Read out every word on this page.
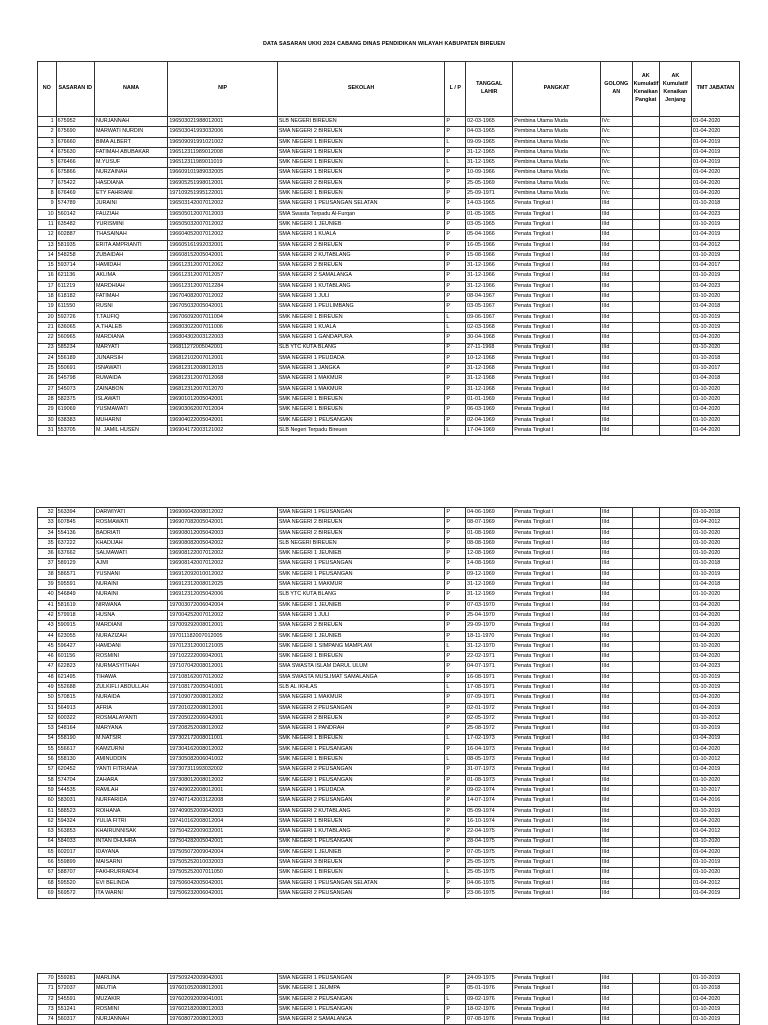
DATA SASARAN UKKI 2024 CABANG DINAS PENDIDIKAN WILAYAH KABUPATEN BIREUEN
NO	SASARAN ID	NAMA	NIP	SEKOLAH	L / P	TANGGAL LAHIR	PANGKAT	GOLONG AN	AK Kumulatif Kenaikan Pangkat	AK Kumulatif Kenaikan Jenjang	TMT JABATAN
1	675952	NURJANNAH	196503021988012001	SLB NEGERI BIREUEN	P	02-03-1965	Pembina Utama Muda	IVc			01-04-2020
2	675690	MARWATI NURDIN	196503041993032006	SMA NEGERI 2 BIREUEN	P	04-03-1965	Pembina Utama Muda	IVc			01-04-2020
3	676660	BIMA ALBERT	196509091991021002	SMK NEGERI 1 BIREUEN	L	09-09-1965	Pembina Utama Muda	IVc			01-04-2019
4	675630	FATIMAH ABUBAKAR	196512311989012008	SMA NEGERI 1 BIREUEN	P	31-12-1965	Pembina Utama Muda	IVc			01-04-2019
5	676466	M.YUSUF	196512311989011019	SMK NEGERI 1 BIREUEN	L	31-12-1965	Pembina Utama Muda	IVc			01-04-2019
6	675866	NURZAINAH	196609101989032005	SMA NEGERI 1 BIREUEN	P	10-09-1966	Pembina Utama Muda	IVc			01-04-2020
7	675422	HASDIANA	196905251998012001	SMA NEGERI 2 BIREUEN	P	25-05-1969	Pembina Utama Muda	IVc			01-04-2020
8	676469	ETY FAHRIANI	197109251995122001	SMK NEGERI 1 BIREUEN	P	25-09-1971	Pembina Utama Muda	IVc			01-04-2020
9	574789	JURAINI	196503142007012002	SMA NEGERI 1 PEUSANGAN SELATAN	P	14-03-1965	Penata Tingkat I	IIId			01-10-2018
10	560142	FAUZIAH	196505012007012003	SMA Swasta Terpadu Al-Furqan	P	01-05-1965	Penata Tingkat I	IIId			01-04-2023
11	635482	YURISMINI	196505032007012002	SMK NEGERI 1 JEUNIEB	P	03-05-1965	Penata Tingkat I	IIId			01-10-2019
12	602887	THASAINAH	196604052007012002	SMA NEGERI 1 KUALA	P	05-04-1966	Penata Tingkat I	IIId			01-04-2019
13	581935	ERITA AMPRIANTI	196605161992032001	SMA NEGERI 2 BIREUEN	P	16-05-1966	Penata Tingkat I	IIId			01-04-2012
14	548258	ZUBAIDAH	196608152005042001	SMA NEGERI 2 KUTABLANG	P	15-08-1966	Penata Tingkat I	IIId			01-10-2019
15	593714	HAMIDAH	196612312007012062	SMA NEGERI 2 BIREUEN	P	31-12-1966	Penata Tingkat I	IIId			01-04-2017
16	621136	AKLIMA	196612312007012057	SMA NEGERI 2 SAMALANGA	P	31-12-1966	Penata Tingkat I	IIId			01-10-2019
17	611219	MARDHIAH	196612312007012284	SMA NEGERI 1 KUTABLANG	P	31-12-1966	Penata Tingkat I	IIId			01-04-2023
18	618182	FATIMAH	196704082007012002	SMA NEGERI 1 JULI	P	08-04-1967	Penata Tingkat I	IIId			01-10-2020
19	611550	RUSNI	196705032005042001	SMA NEGERI 1 PEULIMBANG	P	03-05-1967	Penata Tingkat I	IIId			01-04-2018
20	592726	T.TAUFIQ	196706092007011004	SMK NEGERI 1 BIREUEN	L	09-06-1967	Penata Tingkat I	IIId			01-10-2019
21	636065	A.THALEB	196803022007011006	SMA NEGERI 1 KUALA	L	02-03-1968	Penata Tingkat I	IIId			01-10-2019
22	560965	MARDIANA	196804302003122003	SMA NEGERI 1 GANDAPURA	P	30-04-1968	Penata Tingkat I	IIId			01-04-2020
23	585234	MARYATI	196811272005042001	SLB YTC KUTA BLANG	P	27-11-1968	Penata Tingkat I	IIId			01-10-2020
24	556189	JUNARSIH	196812102007012001	SMA NEGERI 1 PEUDADA	P	10-12-1968	Penata Tingkat I	IIId			01-10-2018
25	550691	ISNAWATI	196812312008012015	SMA NEGERI 1 JANGKA	P	31-12-1968	Penata Tingkat I	IIId			01-10-2017
26	545798	RUWAIDA	196812312007012068	SMA NEGERI 1 MAKMUR	P	31-12-1968	Penata Tingkat I	IIId			01-04-2018
27	545073	ZAINABON	196812312007012070	SMA NEGERI 1 MAKMUR	P	31-12-1968	Penata Tingkat I	IIId			01-10-2020
28	582375	ISLAWATI	196901012005042001	SMK NEGERI 1 BIREUEN	P	01-01-1969	Penata Tingkat I	IIId			01-10-2020
29	619069	YUSMAWATI	196903062007012004	SMK NEGERI 1 BIREUEN	P	06-03-1969	Penata Tingkat I	IIId			01-04-2020
30	638383	MUHARNI	196904022005042001	SMK NEGERI 1 PEUSANGAN	P	02-04-1969	Penata Tingkat I	IIId			01-10-2020
31	553705	M. JAMIL HUSEN	196904172003121002	SLB Negeri Terpadu Bireuen	L	17-04-1969	Penata Tingkat I	IIId			01-04-2020
32	563394	DARWIYATI	196906042008012002	SMA NEGERI 1 PEUSANGAN	P	04-06-1969	Penata Tingkat I	IIId			01-10-2018
33	607845	ROSMAWATI	196907082005042001	SMA NEGERI 2 BIREUEN	P	08-07-1969	Penata Tingkat I	IIId			01-04-2012
34	554136	BADRIATI	196908012005042003	SMA NEGERI 2 BIREUEN	P	01-08-1969	Penata Tingkat I	IIId			01-10-2020
35	637222	KHADIJAH	196908082005042002	SLB NEGERI BIREUEN	P	08-08-1969	Penata Tingkat I	IIId			01-10-2020
36	637662	SALMAWATI	196908122007012002	SMK NEGERI 1 JEUNIEB	P	12-08-1969	Penata Tingkat I	IIId			01-10-2020
37	589129	AJMI	196908142007012002	SMA NEGERI 1 PEUSANGAN	P	14-08-1969	Penata Tingkat I	IIId			01-10-2018
38	586571	YUSNANI	196912092010012002	SMK NEGERI 1 PEUSANGAN	P	09-12-1969	Penata Tingkat I	IIId			01-10-2019
39	595591	NURAINI	196912312008012025	SMA NEGERI 1 MAKMUR	P	31-12-1969	Penata Tingkat I	IIId			01-04-2018
40	546849	NURAINI	196912312005042006	SLB YTC KUTA BLANG	P	31-12-1969	Penata Tingkat I	IIId			01-10-2020
41	581619	NIRWANA	197003072006042004	SMK NEGERI 1 JEUNIEB	P	07-03-1970	Penata Tingkat I	IIId			01-04-2020
42	579918	HUSNA	197004252007012002	SMA NEGERI 1 JULI	P	25-04-1970	Penata Tingkat I	IIId			01-04-2020
43	590915	MARDIANI	197009292008012001	SMA NEGERI 2 BIREUEN	P	29-09-1970	Penata Tingkat I	IIId			01-04-2020
44	623055	NURAZIZAH	197011182007012005	SMK NEGERI 1 JEUNIEB	P	18-11-1970	Penata Tingkat I	IIId			01-04-2020
45	596427	HAMDANI	197012312000121005	SMK NEGERI 1 SIMPANG MAMPLAM	L	31-12-1970	Penata Tingkat I	IIId			01-10-2020
46	601156	ROSMINI	197102222006042001	SMK NEGERI 1 BIREUEN	P	22-02-1971	Penata Tingkat I	IIId			01-04-2020
47	622823	NURMASYITHAH	197107042008012001	SMA SWASTA ISLAM DARUL ULUM	P	04-07-1971	Penata Tingkat I	IIId			01-04-2023
48	621495	TIHAWA	197108162007012002	SMA SWASTA MUSLIMAT SAMALANGA	P	16-08-1971	Penata Tingkat I	IIId			01-10-2019
49	552688	ZULKIFLI ABDULLAH	197108172005041001	SLB AL IKHLAS	L	17-08-1971	Penata Tingkat I	IIId			01-10-2019
50	570815	NURAIDA	197109072008012002	SMA NEGERI 1 MAKMUR	P	07-09-1971	Penata Tingkat I	IIId			01-04-2020
51	564913	AFRIA	197201022008012001	SMA NEGERI 2 PEUSANGAN	P	02-01-1972	Penata Tingkat I	IIId			01-04-2019
52	600322	ROSMALAYANTI	197205022006042001	SMA NEGERI 2 BIREUEN	P	02-05-1972	Penata Tingkat I	IIId			01-10-2012
53	548164	MARYANA	197208252008012002	SMA NEGERI 1 PANDRAH	P	25-08-1972	Penata Tingkat I	IIId			01-10-2019
54	558190	M.NATSIR	197302172008011001	SMK NEGERI 1 BIREUEN	L	17-02-1973	Penata Tingkat I	IIId			01-04-2019
55	556617	KAMZURNI	197304162008012002	SMK NEGERI 1 PEUSANGAN	P	16-04-1973	Penata Tingkat I	IIId			01-04-2020
56	558130	AMINUDDIN	197305082006041002	SMK NEGERI 1 BIREUEN	L	08-05-1973	Penata Tingkat I	IIId			01-10-2012
57	620452	YANTI FITRIANA	197307311993032002	SMA NEGERI 2 PEUSANGAN	P	31-07-1973	Penata Tingkat I	IIId			01-04-2019
58	574704	ZAHARA	197308012008012002	SMK NEGERI 1 PEUSANGAN	P	01-08-1973	Penata Tingkat I	IIId			01-10-2020
59	544535	RAMLAH	197409022008012001	SMA NEGERI 1 PEUDADA	P	09-02-1974	Penata Tingkat I	IIId			01-10-2017
60	583031	NURFARIDA	197407142003122008	SMA NEGERI 2 PEUSANGAN	P	14-07-1974	Penata Tingkat I	IIId			01-04-2016
61	588523	ROIHANA	197409052009042003	SMA NEGERI 2 KUTABLANG	P	05-09-1974	Penata Tingkat I	IIId			01-10-2019
62	594324	YULIA FITRI	197410162008012004	SMA NEGERI 1 BIREUEN	P	16-10-1974	Penata Tingkat I	IIId			01-04-2020
63	563853	KHAIRUNNISAK	197504222009032001	SMA NEGERI 1 KUTABLANG	P	22-04-1975	Penata Tingkat I	IIId			01-04-2012
64	584033	INTAN DHUHRA	197504282005042001	SMK NEGERI 1 PEUSANGAN	P	28-04-1975	Penata Tingkat I	IIId			01-10-2020
65	602017	IDAYANA	197505072009042004	SMK NEGERI 1 JEUNIEB	P	07-05-1975	Penata Tingkat I	IIId			01-04-2020
66	559899	MAISARNI	197505252010032003	SMA NEGERI 3 BIREUEN	P	25-05-1975	Penata Tingkat I	IIId			01-10-2019
67	588707	FAKHRURRADHI	197505252007011050	SMK NEGERI 1 BIREUEN	L	25-05-1975	Penata Tingkat I	IIId			01-10-2020
68	595520	EVI BELINDA	197506042005042001	SMA NEGERI 1 PEUSANGAN SELATAN	P	04-06-1975	Penata Tingkat I	IIId			01-04-2012
69	569572	ITA WARNI	197506232006042001	SMA NEGERI 2 PEUSANGAN	P	23-06-1975	Penata Tingkat I	IIId			01-04-2019
70	559281	MARLINA	197509242009042001	SMA NEGERI 1 PEUSANGAN	P	24-09-1975	Penata Tingkat I	IIId			01-10-2019
71	572037	MEUTIA	197601052008012001	SMK NEGERI 1 JEUMPA	P	05-01-1976	Penata Tingkat I	IIId			01-10-2018
72	545591	MUZAKIR	197602092009041001	SMK NEGERI 2 PEUSANGAN	L	09-02-1976	Penata Tingkat I	IIId			01-04-2020
73	551241	ROSMINI	197602182008012003	SMK NEGERI 1 PEUSANGAN	P	18-02-1976	Penata Tingkat I	IIId			01-10-2019
74	560317	NURJANNAH	197608072008012003	SMA NEGERI 2 SAMALANGA	P	07-08-1976	Penata Tingkat I	IIId			01-10-2019
